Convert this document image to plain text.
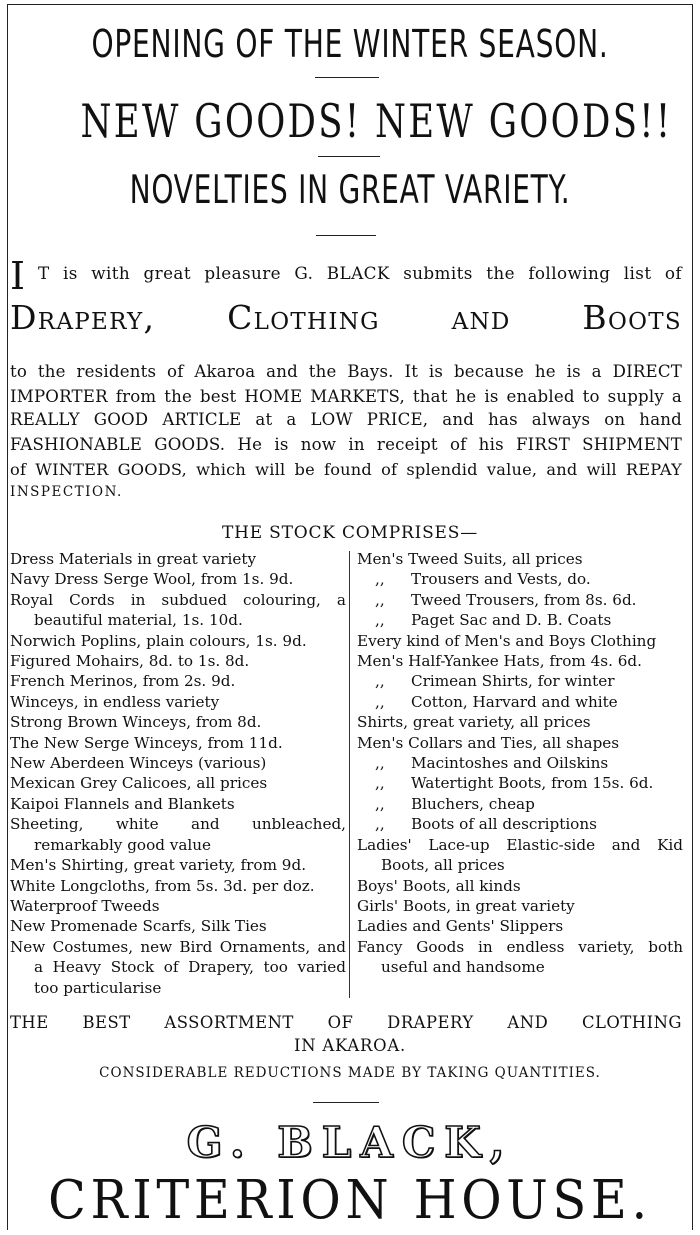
OPENING OF THE WINTER SEASON.
NEW GOODS! NEW GOODS!!
NOVELTIES IN GREAT VARIETY.
I T is with great pleasure G. BLACK submits the following list of
Drapery, Clothing and Boots
to the residents of Akaroa and the Bays. It is because he is a DIRECT
IMPORTER from the best HOME MARKETS, that he is enabled to supply a
REALLY GOOD ARTICLE at a LOW PRICE, and has always on hand
FASHIONABLE GOODS. He is now in receipt of his FIRST SHIPMENT
of WINTER GOODS, which will be found of splendid value, and will REPAY
INSPECTION.
THE STOCK COMPRISES—
Dress Materials in great variety
Navy Dress Serge Wool, from 1s. 9d.
Royal Cords in subdued colouring, a beautiful material, 1s. 10d.
Norwich Poplins, plain colours, 1s. 9d.
Figured Mohairs, 8d. to 1s. 8d.
French Merinos, from 2s. 9d.
Winceys, in endless variety
Strong Brown Winceys, from 8d.
The New Serge Winceys, from 11d.
New Aberdeen Winceys (various)
Mexican Grey Calicoes, all prices
Kaipoi Flannels and Blankets
Sheeting, white and unbleached, remarkably good value
Men's Shirting, great variety, from 9d.
White Longcloths, from 5s. 3d. per doz.
Waterproof Tweeds
New Promenade Scarfs, Silk Ties
New Costumes, new Bird Ornaments, and a Heavy Stock of Drapery, too varied too particularise
Men's Tweed Suits, all prices
,, Trousers and Vests, do.
,, Tweed Trousers, from 8s. 6d.
,, Paget Sac and D. B. Coats
Every kind of Men's and Boys Clothing
Men's Half-Yankee Hats, from 4s. 6d.
,, Crimean Shirts, for winter
,, Cotton, Harvard and white
Shirts, great variety, all prices
Men's Collars and Ties, all shapes
,, Macintoshes and Oilskins
,, Watertight Boots, from 15s. 6d.
,, Bluchers, cheap
,, Boots of all descriptions
Ladies' Lace-up Elastic-side and Kid Boots, all prices
Boys' Boots, all kinds
Girls' Boots, in great variety
Ladies and Gents' Slippers
Fancy Goods in endless variety, both useful and handsome
THE BEST ASSORTMENT OF DRAPERY AND CLOTHING
IN AKAROA.
CONSIDERABLE REDUCTIONS MADE BY TAKING QUANTITIES.
G. BLACK,
CRITERION HOUSE.
